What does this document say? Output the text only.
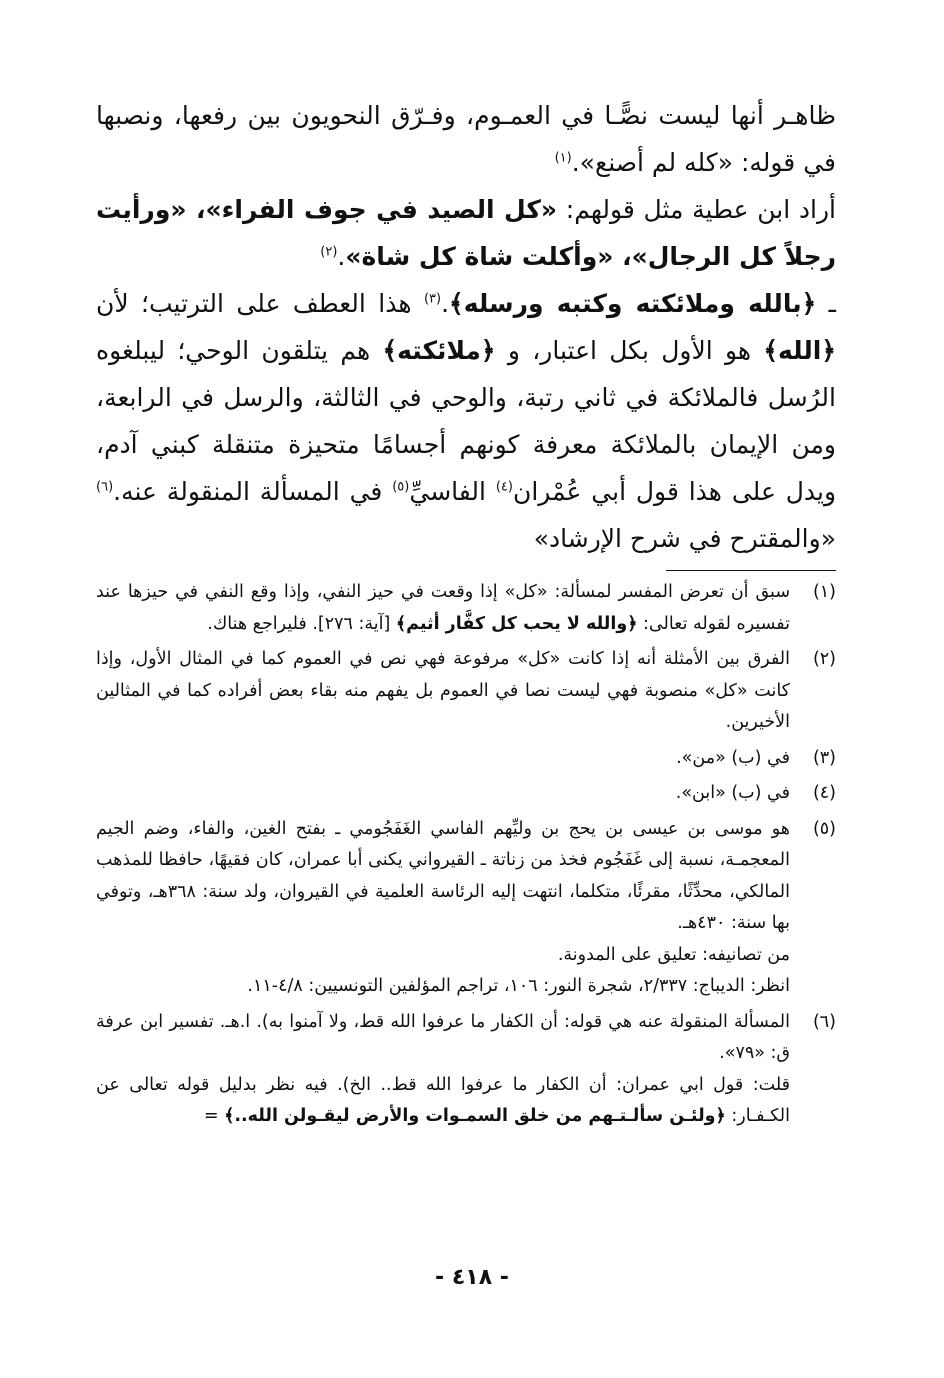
ظاهـر أنها ليست نصًّـا في العمـوم، وفـرّق النحويون بين رفعها، ونصبها في قوله: «كله لم أصنع».$^{(١)}$

أراد ابن عطية مثل قولهم: «كل الصيد في جوف الفراء»، «ورأيت رجلاً كل الرجال»، «وأكلت شاة كل شاة».$^{(٢)}$

ـ ﴿بالله وملائكته وكتبه ورسله﴾.$^{(٣)}$ هذا العطف على الترتيب؛ لأن ﴿الله﴾ هو الأول بكل اعتبار، و ﴿ملائكته﴾ هم يتلقون الوحي؛ ليبلغوه الرُسل فالملائكة في ثاني رتبة، والوحي في الثالثة، والرسل في الرابعة، ومن الإيمان بالملائكة معرفة كونهم أجسامًا متحيزة متنقلة كبني آدم، ويدل على هذا قول أبي عُمْران$^{(٤)}$ الفاسيِّ$^{(٥)}$ في المسألة المنقولة عنه.$^{(٦)}$ «والمقترح في شرح الإرشاد»

(١)
سبق أن تعرض المفسر لمسألة: «كل» إذا وقعت في حيز النفي، وإذا وقع النفي في حيزها عند تفسيره لقوله تعالى: ﴿والله لا يحب كل كفَّار أثيم﴾ [آية: ٢٧٦]. فليراجع هناك.
(٢)
الفرق بين الأمثلة أنه إذا كانت «كل» مرفوعة فهي نص في العموم كما في المثال الأول، وإذا كانت «كل» منصوبة فهي ليست نصا في العموم بل يفهم منه بقاء بعض أفراده كما في المثالين الأخيرين.
(٣)
في (ب) «من».
(٤)
في (ب) «ابن».
(٥)

هو موسى بن عيسى بن يحج بن وليِّهم الفاسي الغَفَجُومي ـ بفتح الغين، والفاء، وضم الجيم المعجمـة، نسبة إلى غَفَجُوم فخذ من زناتة ـ القيرواني يكنى أبا عمران، كان فقيهًا، حافظا للمذهب المالكي، محدِّثًا، مقرئًا، متكلما، انتهت إليه الرئاسة العلمية في القيروان، ولد سنة: ٣٦٨هـ، وتوفي بها سنة: ٤٣٠هـ.

من تصانيفه: تعليق على المدونة.

انظر: الديباج: ٢/٣٣٧، شجرة النور: ١٠٦، تراجم المؤلفين التونسيين: ٤/٨-١١.

(٦)

المسألة المنقولة عنه هي قوله: أن الكفار ما عرفوا الله قط، ولا آمنوا به). ا.هـ. تفسير ابن عرفة ق: «٧٩».

قلت: قول ابي عمران: أن الكفار ما عرفوا الله قط.. الخ). فيه نظر بدليل قوله تعالى عن الكـفـار: ﴿ولئـن سألـتـهم من خلق السمـوات والأرض ليقـولن الله..﴾ =

- ٤١٨ -
